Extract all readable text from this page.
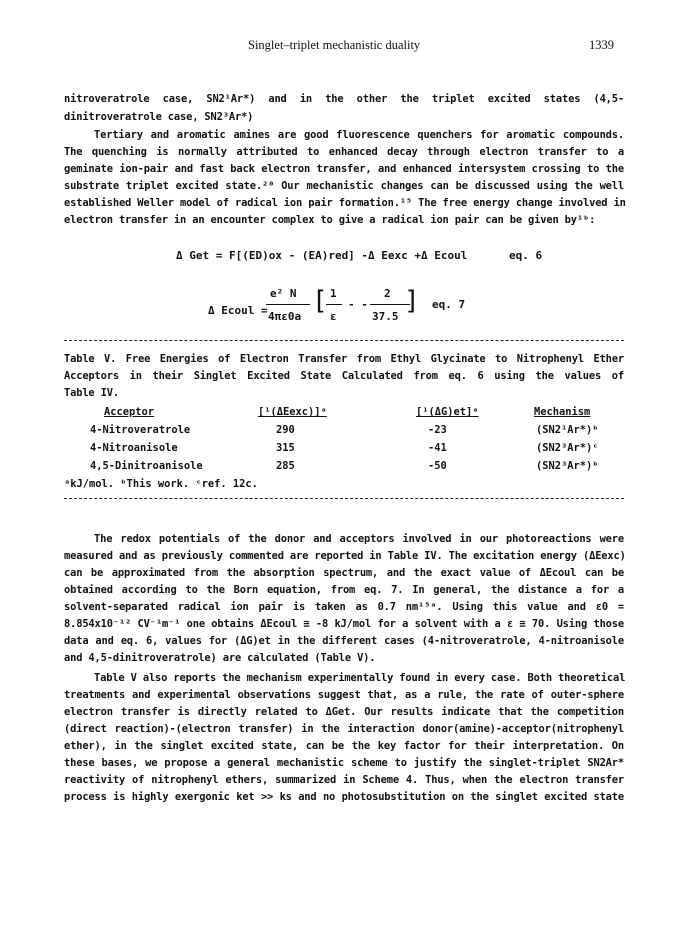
Singlet–triplet mechanistic duality	1339
nitroveratrole case, SN2¹Ar*) and in the other the triplet excited states (4,5-
dinitroveratrole case, SN2³Ar*)
Tertiary and aromatic amines are good fluorescence quenchers for aromatic compounds.
The quenching is normally attributed to enhanced decay through electron transfer to a
geminate ion-pair and fast back electron transfer, and enhanced intersystem crossing to the
substrate triplet excited state.²⁰ Our mechanistic changes can be discussed using the well
established Weller model of radical ion pair formation.¹⁵ The free energy change involved in
electron transfer in an encounter complex to give a radical ion pair can be given by¹ᵇ:
Δ Get = F[(ED)ox - (EA)red] -Δ Eexc +Δ Ecoul	eq. 6
Δ Ecoul =
e² N
4πε0a
[ 1
ε
- -
2
37.5
] eq. 7
Table V. Free Energies of Electron Transfer from Ethyl Glycinate to Nitrophenyl Ether
Acceptors in their Singlet Excited State Calculated from eq. 6 using the values of
Table IV.
Acceptor	[¹(ΔEexc)]ᵃ	[¹(ΔG)et]ᵃ	Mechanism
4-Nitroveratrole	290	-23	(SN2¹Ar*)ᵇ
4-Nitroanisole	315	-41	(SN2³Ar*)ᶜ
4,5-Dinitroanisole	285	-50	(SN2³Ar*)ᵇ
ᵃkJ/mol. ᵇThis work. ᶜref. 12c.
The redox potentials of the donor and acceptors involved in our photoreactions were
measured and as previously commented are reported in Table IV. The excitation energy (ΔEexc)
can be approximated from the absorption spectrum, and the exact value of ΔEcoul can be
obtained according to the Born equation, from eq. 7. In general, the distance a for a
solvent-separated radical ion pair is taken as 0.7 nm¹⁵ᵃ. Using this value and ε0 =
8.854x10⁻¹² CV⁻¹m⁻¹ one obtains ΔEcoul ≅ -8 kJ/mol for a solvent with a ε ≅ 70. Using those
data and eq. 6, values for (ΔG)et in the different cases (4-nitroveratrole, 4-nitroanisole
and 4,5-dinitroveratrole) are calculated (Table V).
Table V also reports the mechanism experimentally found in every case. Both theoretical
treatments and experimental observations suggest that, as a rule, the rate of outer-sphere
electron transfer is directly related to ΔGet. Our results indicate that the competition
(direct reaction)-(electron transfer) in the interaction donor(amine)-acceptor(nitrophenyl
ether), in the singlet excited state, can be the key factor for their interpretation. On
these bases, we propose a general mechanistic scheme to justify the singlet-triplet SN2Ar*
reactivity of nitrophenyl ethers, summarized in Scheme 4. Thus, when the electron transfer
process is highly exergonic ket >> ks and no photosubstitution on the singlet excited state
